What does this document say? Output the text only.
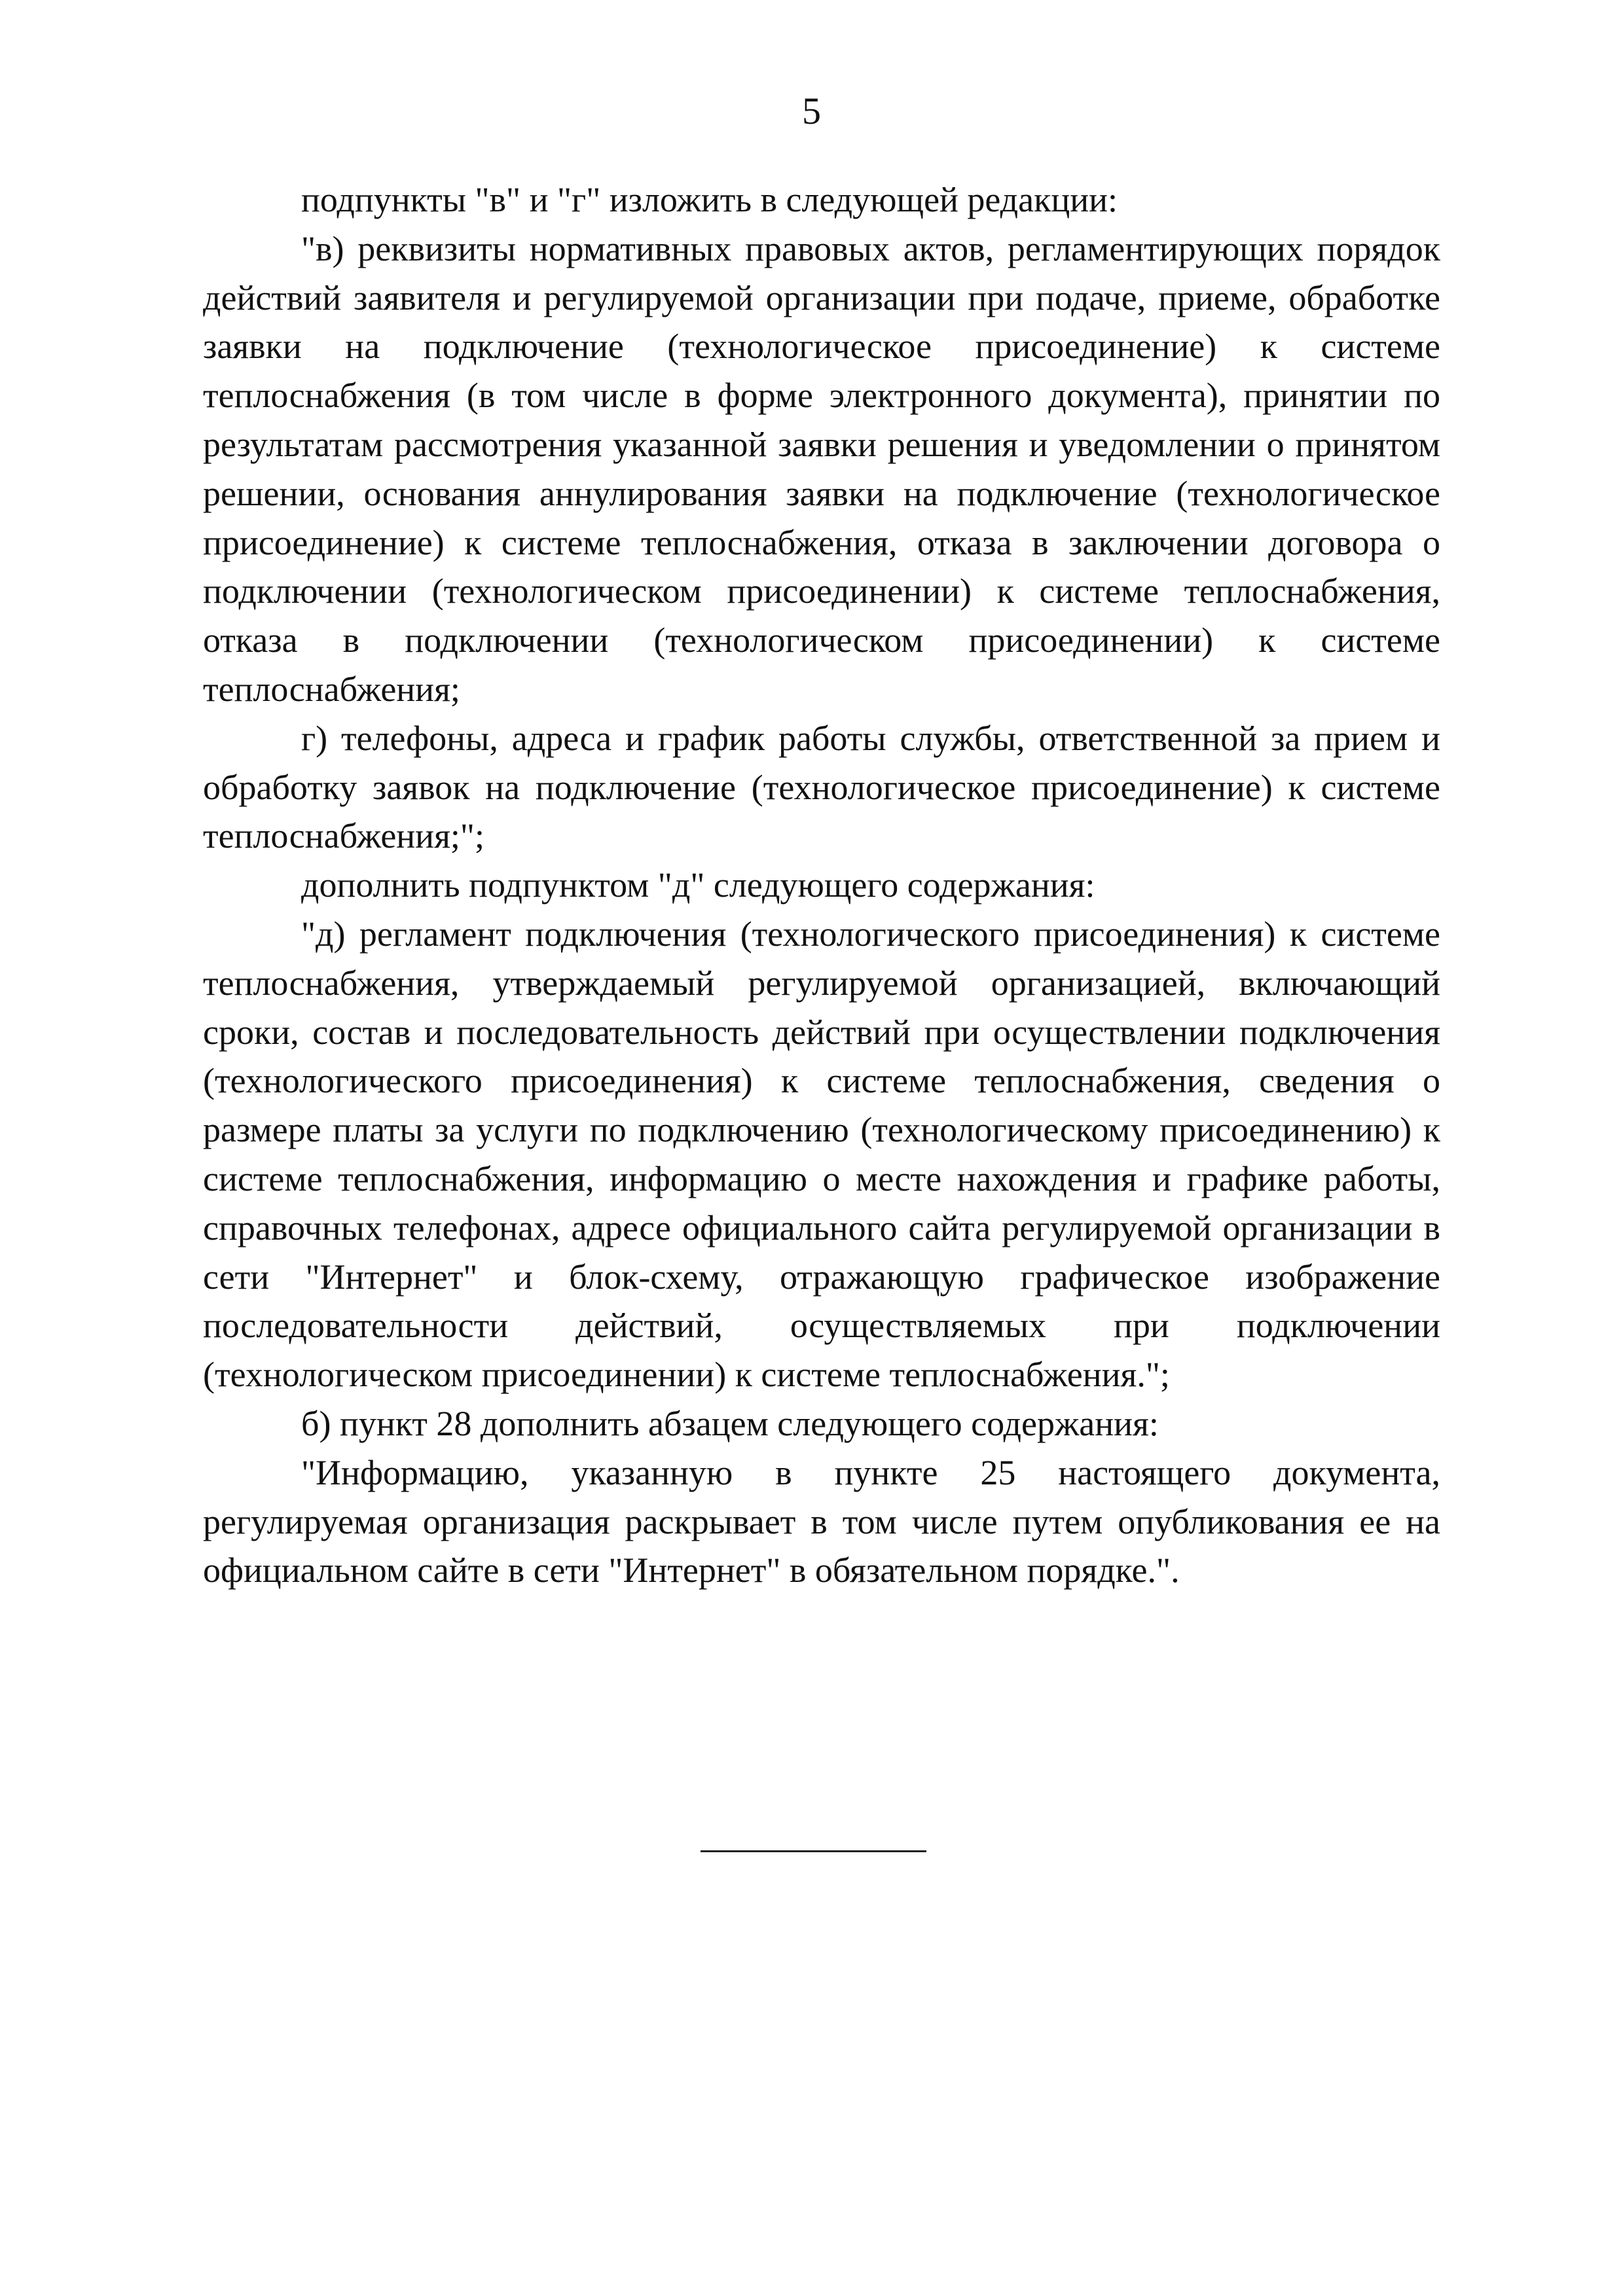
5

подпункты "в" и "г" изложить в следующей редакции:

"в) реквизиты нормативных правовых актов, регламентирующих порядок действий заявителя и регулируемой организации при подаче, приеме, обработке заявки на подключение (технологическое присоединение) к системе теплоснабжения (в том числе в форме электронного документа), принятии по результатам рассмотрения указанной заявки решения и уведомлении о принятом решении, основания аннулирования заявки на подключение (технологическое присоединение) к системе теплоснабжения, отказа в заключении договора о подключении (технологическом присоединении) к системе теплоснабжения, отказа в подключении (технологическом присоединении) к системе теплоснабжения;

г) телефоны, адреса и график работы службы, ответственной за прием и обработку заявок на подключение (технологическое присоединение) к системе теплоснабжения;";

дополнить подпунктом "д" следующего содержания:

"д) регламент подключения (технологического присоединения) к системе теплоснабжения, утверждаемый регулируемой организацией, включающий сроки, состав и последовательность действий при осуществлении подключения (технологического присоединения) к системе теплоснабжения, сведения о размере платы за услуги по подключению (технологическому присоединению) к системе теплоснабжения, информацию о месте нахождения и графике работы, справочных телефонах, адресе официального сайта регулируемой организации в сети "Интернет" и блок-схему, отражающую графическое изображение последовательности действий, осуществляемых при подключении (технологическом присоединении) к системе теплоснабжения.";

б) пункт 28 дополнить абзацем следующего содержания:

"Информацию, указанную в пункте 25 настоящего документа, регулируемая организация раскрывает в том числе путем опубликования ее на официальном сайте в сети "Интернет" в обязательном порядке.".
